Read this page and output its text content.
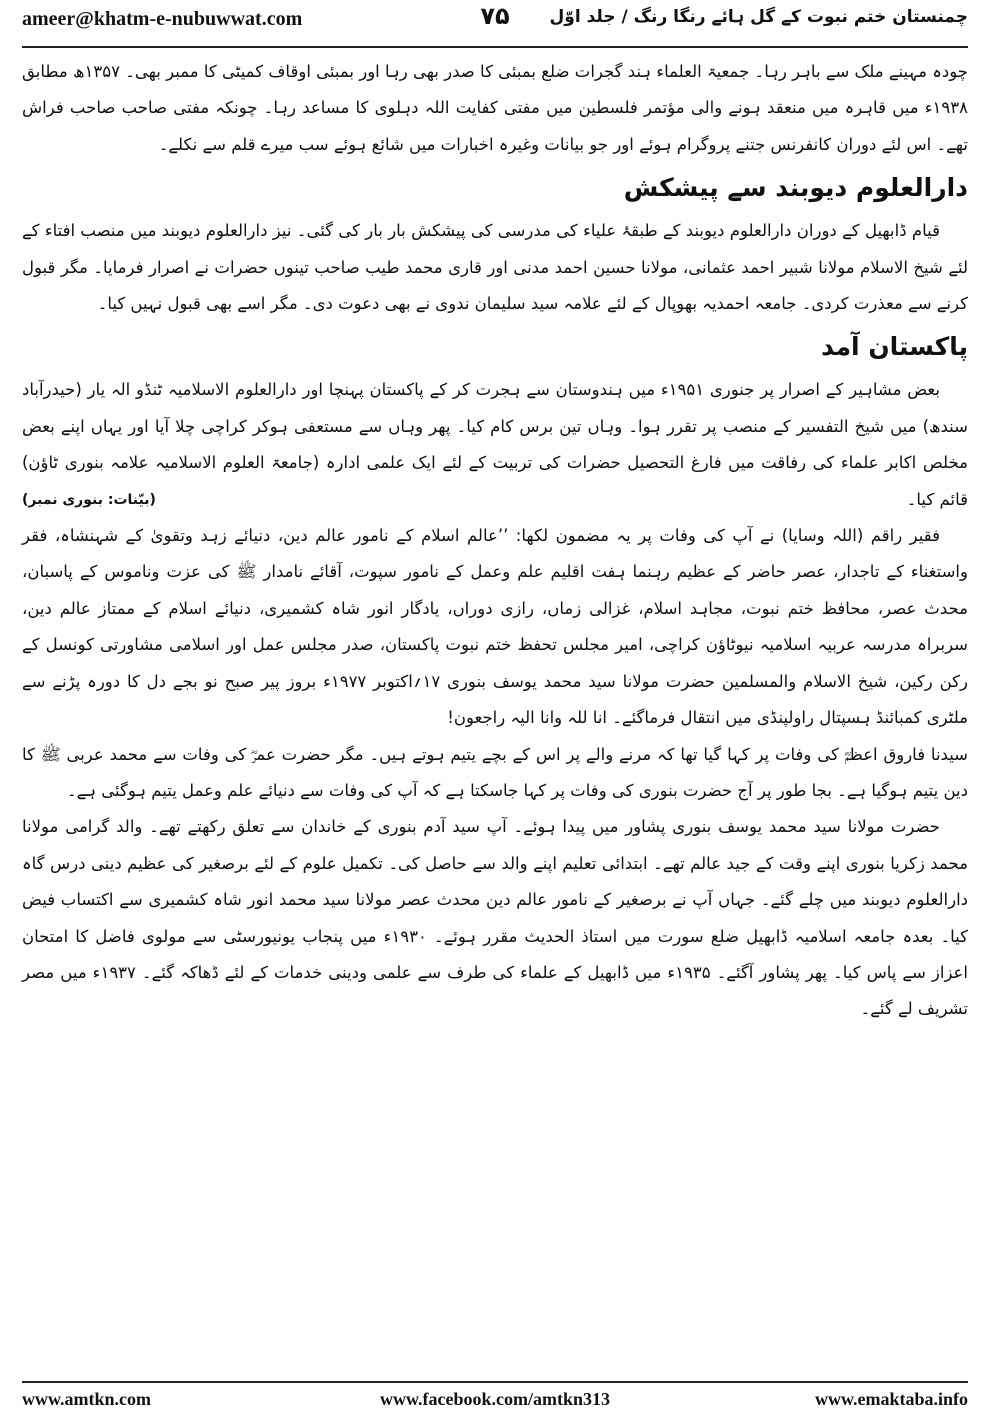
ameer@khatm-e-nubuwwat.com	۷۵	چمنستان ختم نبوت کے گل ہائے رنگا رنگ / جلد اوّل

چودہ مہینے ملک سے باہر رہا۔ جمعیۃ العلماء ہند گجرات ضلع بمبئی کا صدر بھی رہا اور بمبئی اوقاف کمیٹی کا ممبر بھی۔ ۱۳۵۷ھ مطابق ۱۹۳۸ء میں قاہرہ میں منعقد ہونے والی مؤتمر فلسطین میں مفتی کفایت اللہ دہلوی کا مساعد رہا۔ چونکہ مفتی صاحب صاحب فراش تھے۔ اس لئے دوران کانفرنس جتنے پروگرام ہوئے اور جو بیانات وغیرہ اخبارات میں شائع ہوئے سب میرے قلم سے نکلے۔

دارالعلوم دیوبند سے پیشکش

قیام ڈابھیل کے دوران دارالعلوم دیوبند کے طبقۂ علیاء کی مدرسی کی پیشکش بار بار کی گئی۔ نیز دارالعلوم دیوبند میں منصب افتاء کے لئے شیخ الاسلام مولانا شبیر احمد عثمانی، مولانا حسین احمد مدنی اور قاری محمد طیب صاحب تینوں حضرات نے اصرار فرمایا۔ مگر قبول کرنے سے معذرت کردی۔ جامعہ احمدیہ بھوپال کے لئے علامہ سید سلیمان ندوی نے بھی دعوت دی۔ مگر اسے بھی قبول نہیں کیا۔

پاکستان آمد

بعض مشاہیر کے اصرار پر جنوری ۱۹۵۱ء میں ہندوستان سے ہجرت کر کے پاکستان پہنچا اور دارالعلوم الاسلامیہ ٹنڈو الہ یار (حیدرآباد سندھ) میں شیخ التفسیر کے منصب پر تقرر ہوا۔ وہاں تین برس کام کیا۔ پھر وہاں سے مستعفی ہوکر کراچی چلا آیا اور یہاں اپنے بعض مخلص اکابر علماء کی رفاقت میں فارغ التحصیل حضرات کی تربیت کے لئے ایک علمی ادارہ (جامعۃ العلوم الاسلامیہ علامہ بنوری ٹاؤن) قائم کیا۔

(بیّنات: بنوری نمبر)

فقیر راقم (اللہ وسایا) نے آپ کی وفات پر یہ مضمون لکھا: ’’عالم اسلام کے نامور عالم دین، دنیائے زہد وتقویٰ کے شہنشاہ، فقر واستغناء کے تاجدار، عصر حاضر کے عظیم رہنما ہفت اقلیم علم وعمل کے نامور سپوت، آقائے نامدار ﷺ کی عزت وناموس کے پاسبان، محدث عصر، محافظ ختم نبوت، مجاہد اسلام، غزالی زماں، رازی دوراں، یادگار انور شاہ کشمیری، دنیائے اسلام کے ممتاز عالم دین، سربراہ مدرسہ عربیہ اسلامیہ نیوٹاؤن کراچی، امیر مجلس تحفظ ختم نبوت پاکستان، صدر مجلس عمل اور اسلامی مشاورتی کونسل کے رکن رکین، شیخ الاسلام والمسلمین حضرت مولانا سید محمد یوسف بنوری ۱۷؍اکتوبر ۱۹۷۷ء بروز پیر صبح نو بجے دل کا دورہ پڑنے سے ملٹری کمبائنڈ ہسپتال راولپنڈی میں انتقال فرماگئے۔ انا للہ وانا الیہ راجعون!

سیدنا فاروق اعظمؓ کی وفات پر کہا گیا تھا کہ مرنے والے پر اس کے بچے یتیم ہوتے ہیں۔ مگر حضرت عمرؓ کی وفات سے محمد عربی ﷺ کا دین یتیم ہوگیا ہے۔ بجا طور پر آج حضرت بنوری کی وفات پر کہا جاسکتا ہے کہ آپ کی وفات سے دنیائے علم وعمل یتیم ہوگئی ہے۔

حضرت مولانا سید محمد یوسف بنوری پشاور میں پیدا ہوئے۔ آپ سید آدم بنوری کے خاندان سے تعلق رکھتے تھے۔ والد گرامی مولانا محمد زکریا بنوری اپنے وقت کے جید عالم تھے۔ ابتدائی تعلیم اپنے والد سے حاصل کی۔ تکمیل علوم کے لئے برصغیر کی عظیم دینی درس گاہ دارالعلوم دیوبند میں چلے گئے۔ جہاں آپ نے برصغیر کے نامور عالم دین محدث عصر مولانا سید محمد انور شاہ کشمیری سے اکتساب فیض کیا۔ بعدہ جامعہ اسلامیہ ڈابھیل ضلع سورت میں استاذ الحدیث مقرر ہوئے۔ ۱۹۳۰ء میں پنجاب یونیورسٹی سے مولوی فاضل کا امتحان اعزاز سے پاس کیا۔ پھر پشاور آگئے۔ ۱۹۳۵ء میں ڈابھیل کے علماء کی طرف سے علمی ودینی خدمات کے لئے ڈھاکہ گئے۔ ۱۹۳۷ء میں مصر تشریف لے گئے۔

www.amtkn.com	www.facebook.com/amtkn313	www.emaktaba.info
